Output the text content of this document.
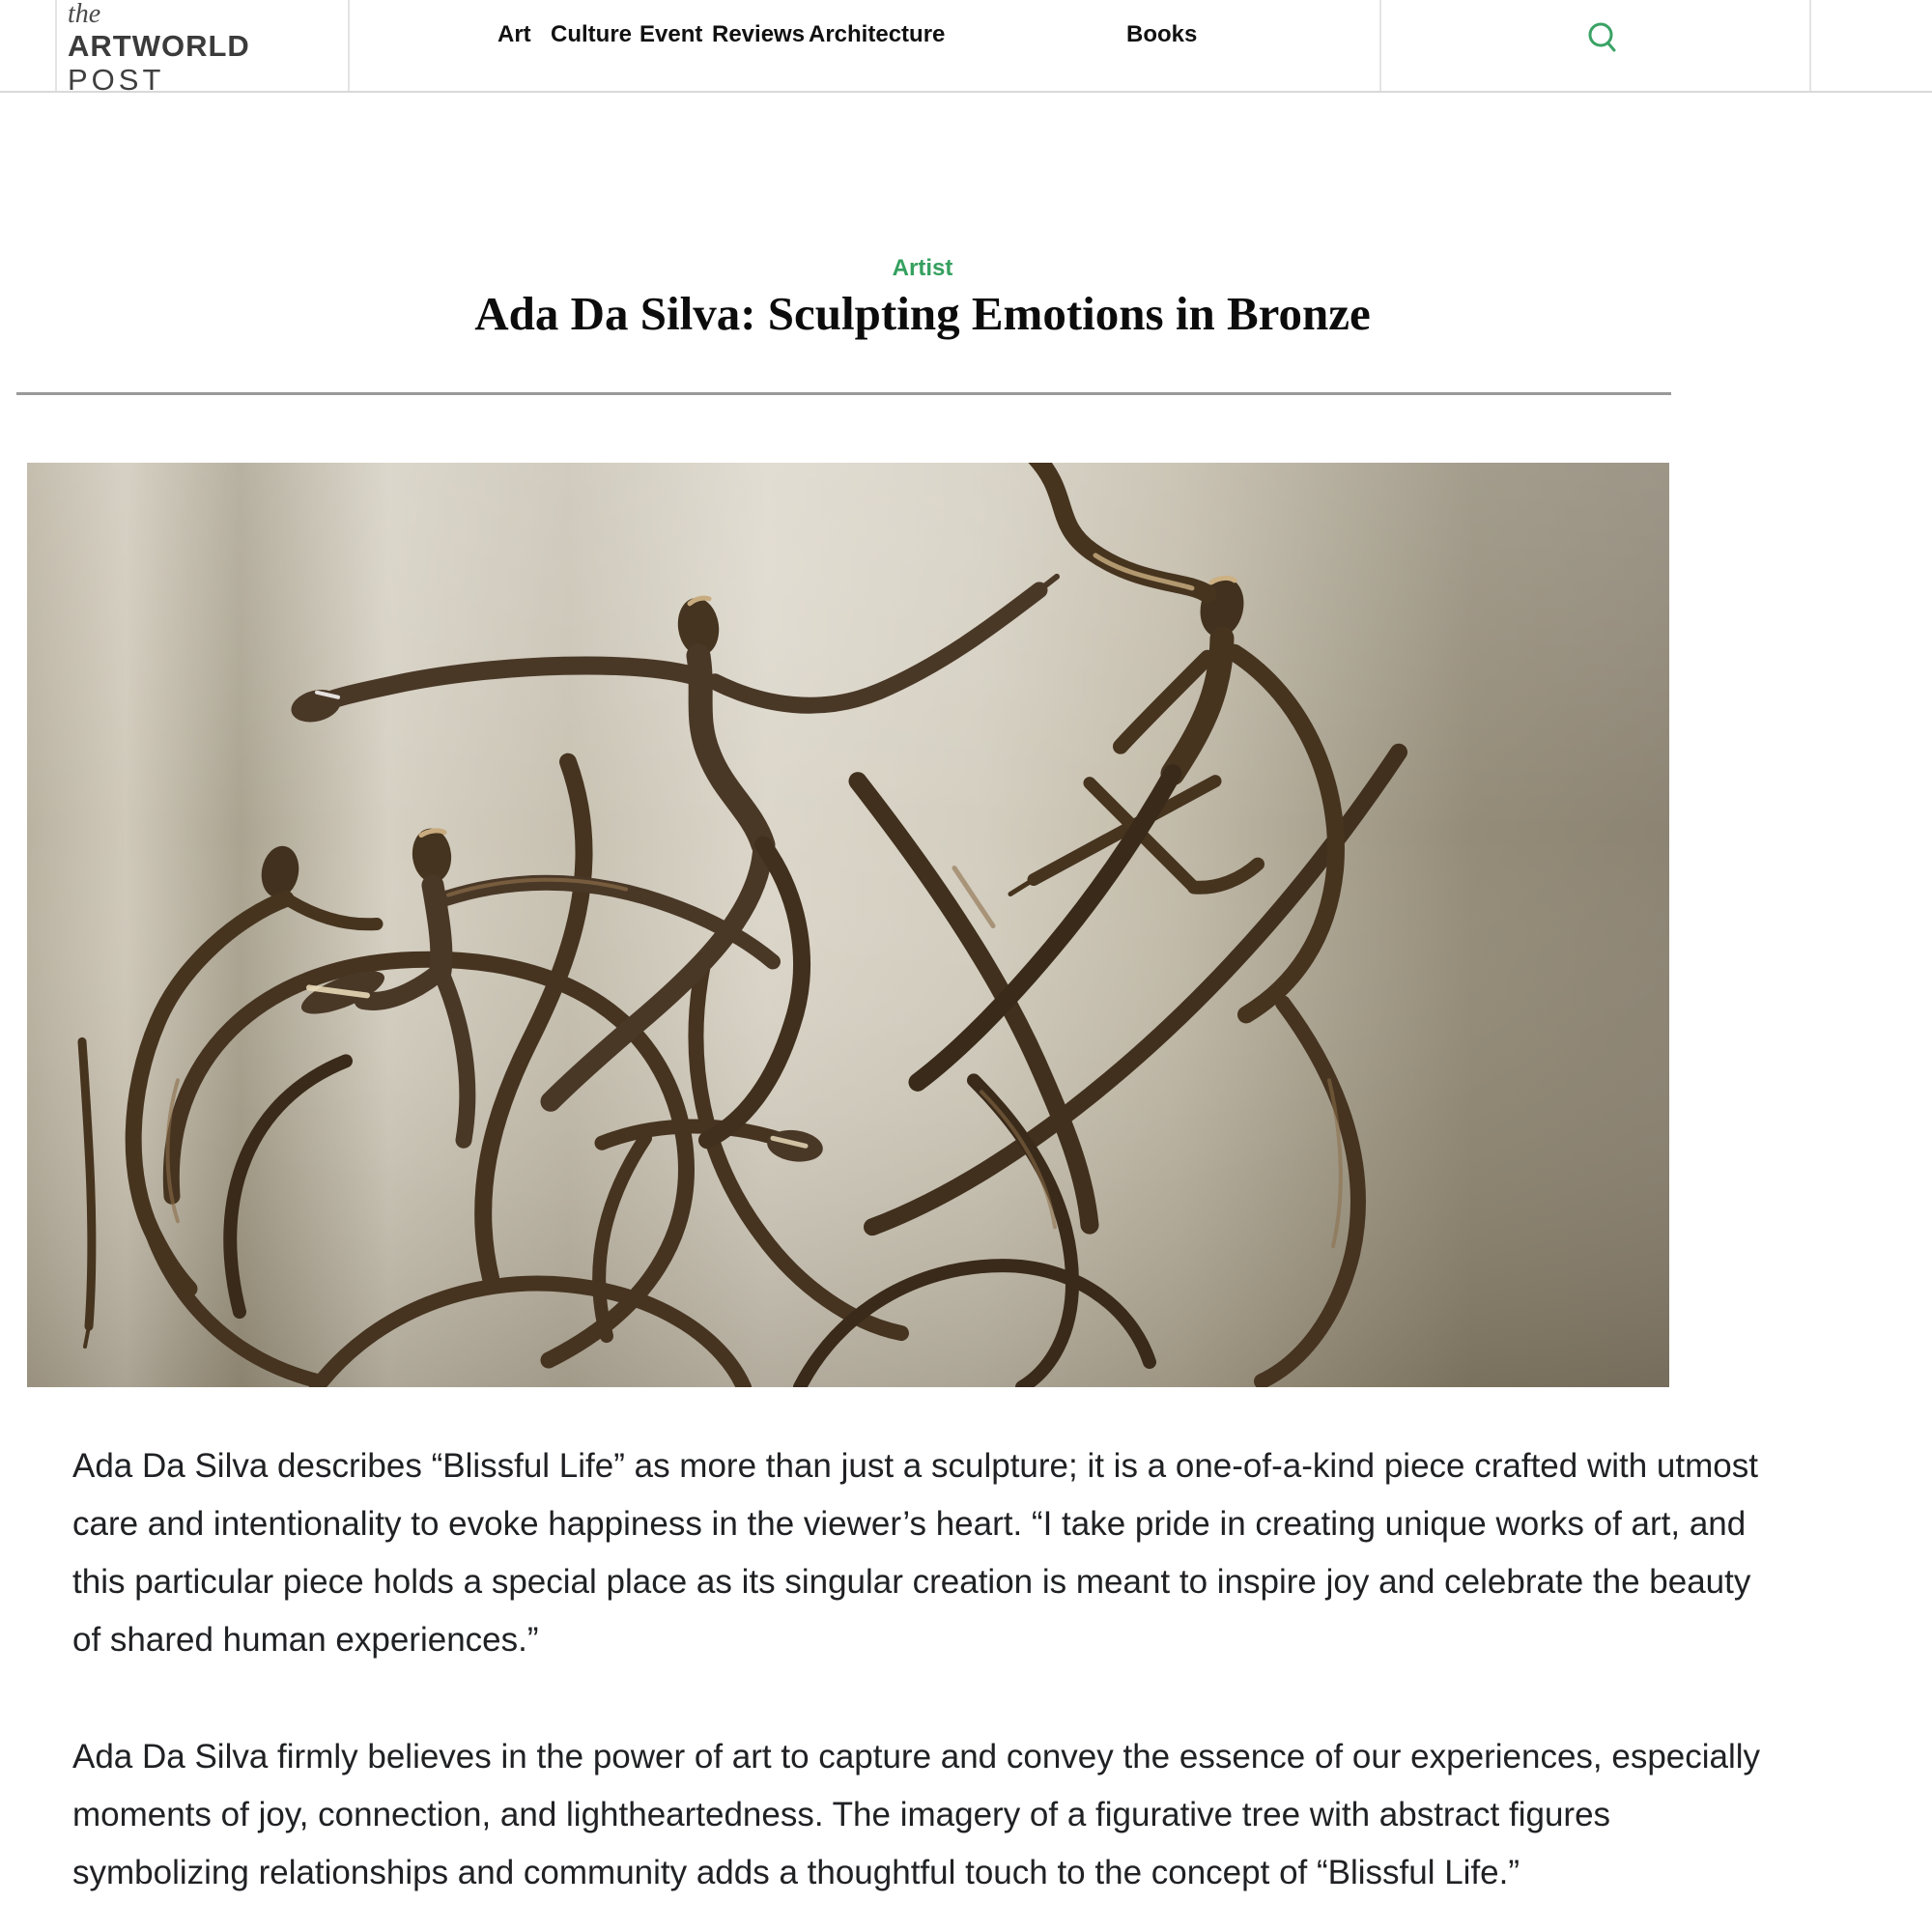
the
ARTWORLD
POST
Art Culture Event Reviews Architecture	Books
Artist
Ada Da Silva: Sculpting Emotions in Bronze

Ada Da Silva describes “Blissful Life” as more than just a sculpture; it is a one-of-a-kind piece crafted with utmost care and intentionality to evoke happiness in the viewer’s heart. “I take pride in creating unique works of art, and this particular piece holds a special place as its singular creation is meant to inspire joy and celebrate the beauty of shared human experiences.”

Ada Da Silva firmly believes in the power of art to capture and convey the essence of our experiences, especially moments of joy, connection, and lightheartedness. The imagery of a figurative tree with abstract figures symbolizing relationships and community adds a thoughtful touch to the concept of “Blissful Life.”
